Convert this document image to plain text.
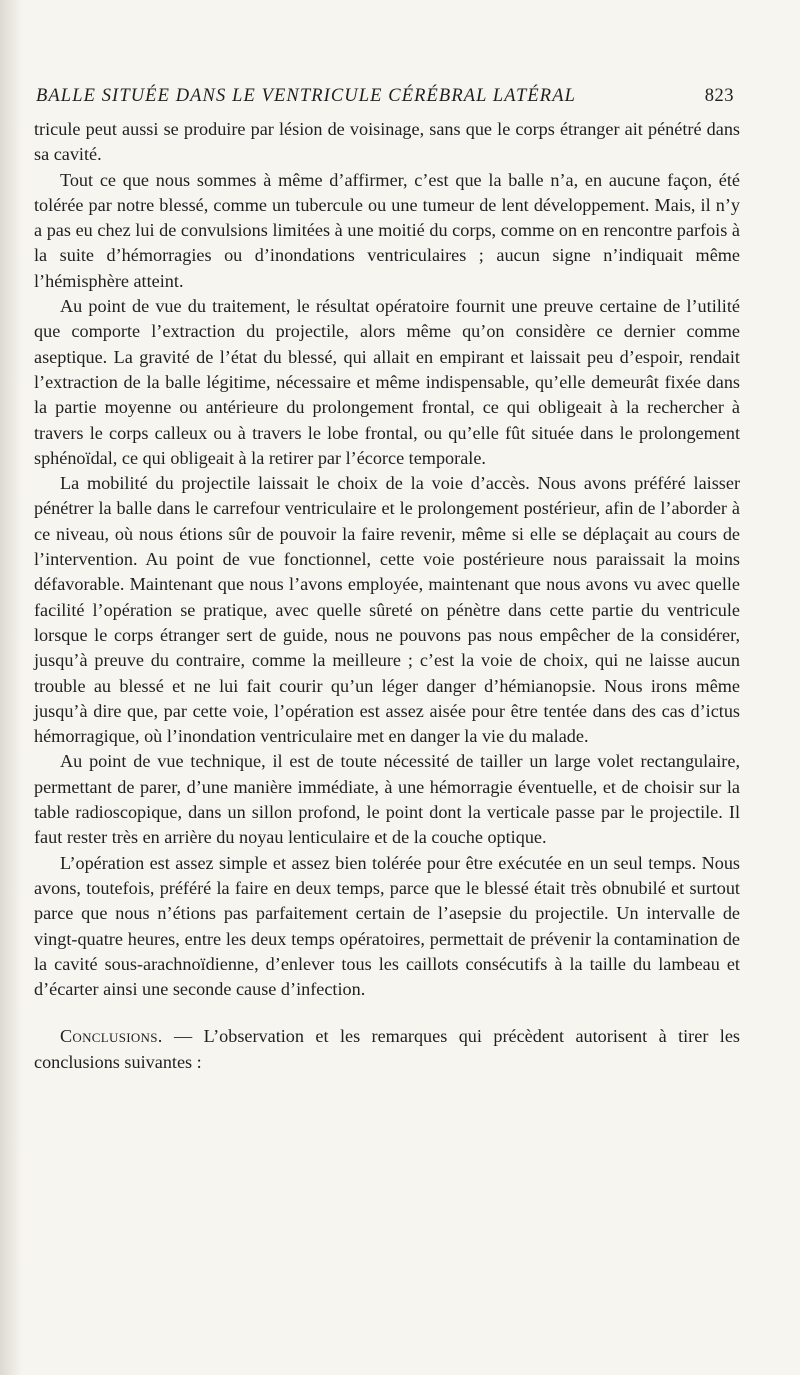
BALLE SITUÉE DANS LE VENTRICULE CÉRÉBRAL LATÉRAL	823

tricule peut aussi se produire par lésion de voisinage, sans que le corps étranger ait pénétré dans sa cavité.

Tout ce que nous sommes à même d’affirmer, c’est que la balle n’a, en aucune façon, été tolérée par notre blessé, comme un tubercule ou une tumeur de lent développement. Mais, il n’y a pas eu chez lui de convulsions limitées à une moitié du corps, comme on en rencontre parfois à la suite d’hémorragies ou d’inondations ventriculaires ; aucun signe n’indiquait même l’hémisphère atteint.

Au point de vue du traitement, le résultat opératoire fournit une preuve certaine de l’utilité que comporte l’extraction du projectile, alors même qu’on considère ce dernier comme aseptique. La gravité de l’état du blessé, qui allait en empirant et laissait peu d’espoir, rendait l’extraction de la balle légitime, nécessaire et même indispensable, qu’elle demeurât fixée dans la partie moyenne ou antérieure du prolongement frontal, ce qui obligeait à la rechercher à travers le corps calleux ou à travers le lobe frontal, ou qu’elle fût située dans le prolongement sphénoïdal, ce qui obligeait à la retirer par l’écorce temporale.

La mobilité du projectile laissait le choix de la voie d’accès. Nous avons préféré laisser pénétrer la balle dans le carrefour ventriculaire et le prolongement postérieur, afin de l’aborder à ce niveau, où nous étions sûr de pouvoir la faire revenir, même si elle se déplaçait au cours de l’intervention. Au point de vue fonctionnel, cette voie postérieure nous paraissait la moins défavorable. Maintenant que nous l’avons employée, maintenant que nous avons vu avec quelle facilité l’opération se pratique, avec quelle sûreté on pénètre dans cette partie du ventricule lorsque le corps étranger sert de guide, nous ne pouvons pas nous empêcher de la considérer, jusqu’à preuve du contraire, comme la meilleure ; c’est la voie de choix, qui ne laisse aucun trouble au blessé et ne lui fait courir qu’un léger danger d’hémianopsie. Nous irons même jusqu’à dire que, par cette voie, l’opération est assez aisée pour être tentée dans des cas d’ictus hémorragique, où l’inondation ventriculaire met en danger la vie du malade.

Au point de vue technique, il est de toute nécessité de tailler un large volet rectangulaire, permettant de parer, d’une manière immédiate, à une hémorragie éventuelle, et de choisir sur la table radioscopique, dans un sillon profond, le point dont la verticale passe par le projectile. Il faut rester très en arrière du noyau lenticulaire et de la couche optique.

L’opération est assez simple et assez bien tolérée pour être exécutée en un seul temps. Nous avons, toutefois, préféré la faire en deux temps, parce que le blessé était très obnubilé et surtout parce que nous n’étions pas parfaitement certain de l’asepsie du projectile. Un intervalle de vingt-quatre heures, entre les deux temps opératoires, permettait de prévenir la contamination de la cavité sous-arachnoïdienne, d’enlever tous les caillots consécutifs à la taille du lambeau et d’écarter ainsi une seconde cause d’infection.

Conclusions. — L’observation et les remarques qui précèdent autorisent à tirer les conclusions suivantes :
